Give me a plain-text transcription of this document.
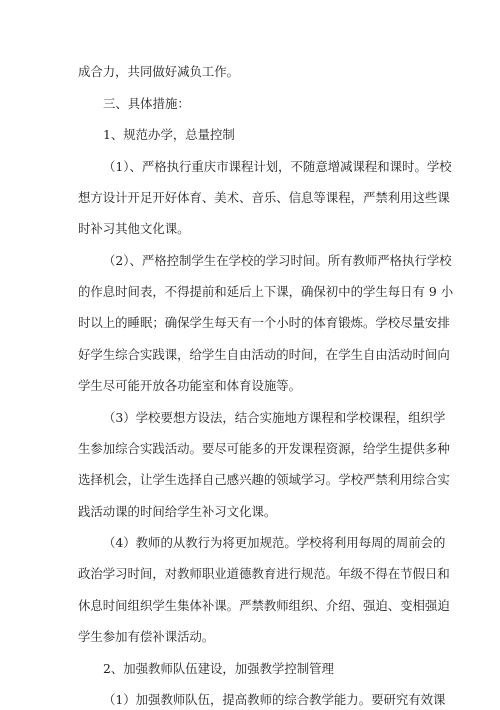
成合力，共同做好减负工作。
三、具体措施：
1、规范办学，总量控制
（1）、严格执行重庆市课程计划，不随意增减课程和课时。学校
想方设计开足开好体育、美术、音乐、信息等课程，严禁利用这些课
时补习其他文化课。
（2）、严格控制学生在学校的学习时间。所有教师严格执行学校
的作息时间表，不得提前和延后上下课，确保初中的学生每日有 9 小
时以上的睡眠；确保学生每天有一个小时的体育锻炼。学校尽量安排
好学生综合实践课，给学生自由活动的时间，在学生自由活动时间向
学生尽可能开放各功能室和体育设施等。
（3）学校要想方设法，结合实施地方课程和学校课程，组织学
生参加综合实践活动。要尽可能多的开发课程资源，给学生提供多种
选择机会，让学生选择自己感兴趣的领域学习。学校严禁利用综合实
践活动课的时间给学生补习文化课。
（4）教师的从教行为将更加规范。学校将利用每周的周前会的
政治学习时间，对教师职业道德教育进行规范。年级不得在节假日和
休息时间组织学生集体补课。严禁教师组织、介绍、强迫、变相强迫
学生参加有偿补课活动。
2、加强教师队伍建设，加强教学控制管理
（1）加强教师队伍，提高教师的综合教学能力。要研究有效课
